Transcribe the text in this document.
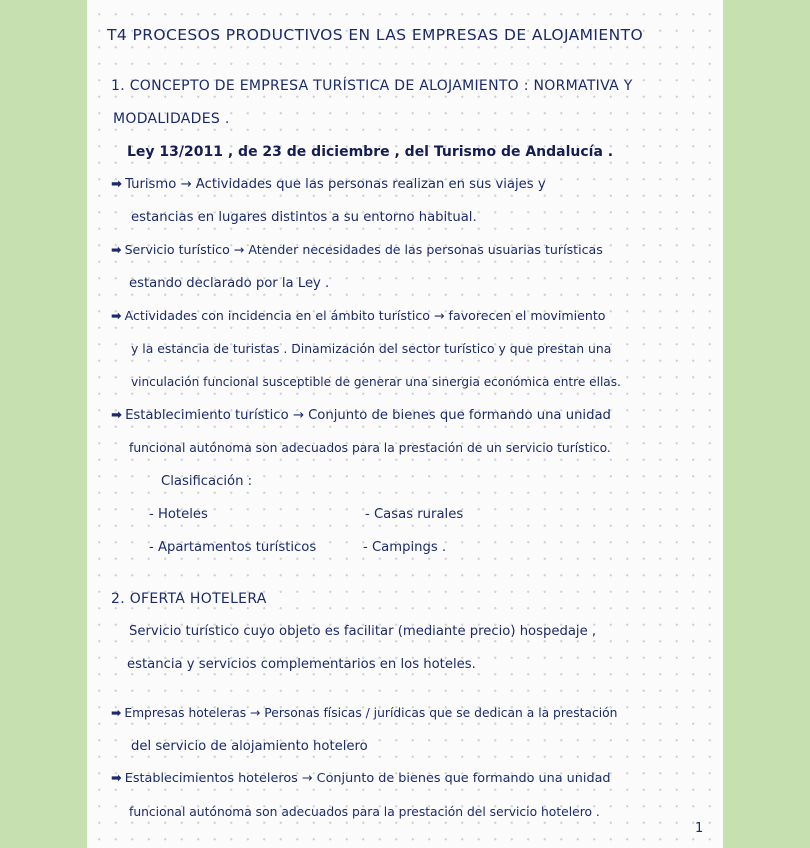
T4 PROCESOS PRODUCTIVOS EN LAS EMPRESAS DE ALOJAMIENTO
1. CONCEPTO DE EMPRESA TURÍSTICA DE ALOJAMIENTO : NORMATIVA Y
MODALIDADES .
Ley 13/2011 , de 23 de diciembre , del Turismo de Andalucía .
➡ Turismo → Actividades que las personas realizan en sus viajes y
estancias en lugares distintos a su entorno habitual.
➡ Servicio turístico → Atender necesidades de las personas usuarias turísticas
estando declarado por la Ley .
➡ Actividades con incidencia en el ámbito turístico → favorecen el movimiento
y la estancia de turistas . Dinamización del sector turístico y que prestan una
vinculación funcional susceptible de generar una sinergia económica entre ellas.
➡ Establecimiento turístico → Conjunto de bienes que formando una unidad
funcional autónoma son adecuados para la prestación de un servicio turístico.
Clasificación :
- Hoteles	- Casas rurales
- Apartamentos turísticos	- Campings .
2. OFERTA HOTELERA
Servicio turístico cuyo objeto es facilitar (mediante precio) hospedaje ,
estancia y servicios complementarios en los hoteles.
➡ Empresas hoteleras → Personas físicas / jurídicas que se dedican a la prestación
del servicio de alojamiento hotelero
➡ Establecimientos hoteleros → Conjunto de bienes que formando una unidad
funcional autónoma son adecuados para la prestación del servicio hotelero .
1
